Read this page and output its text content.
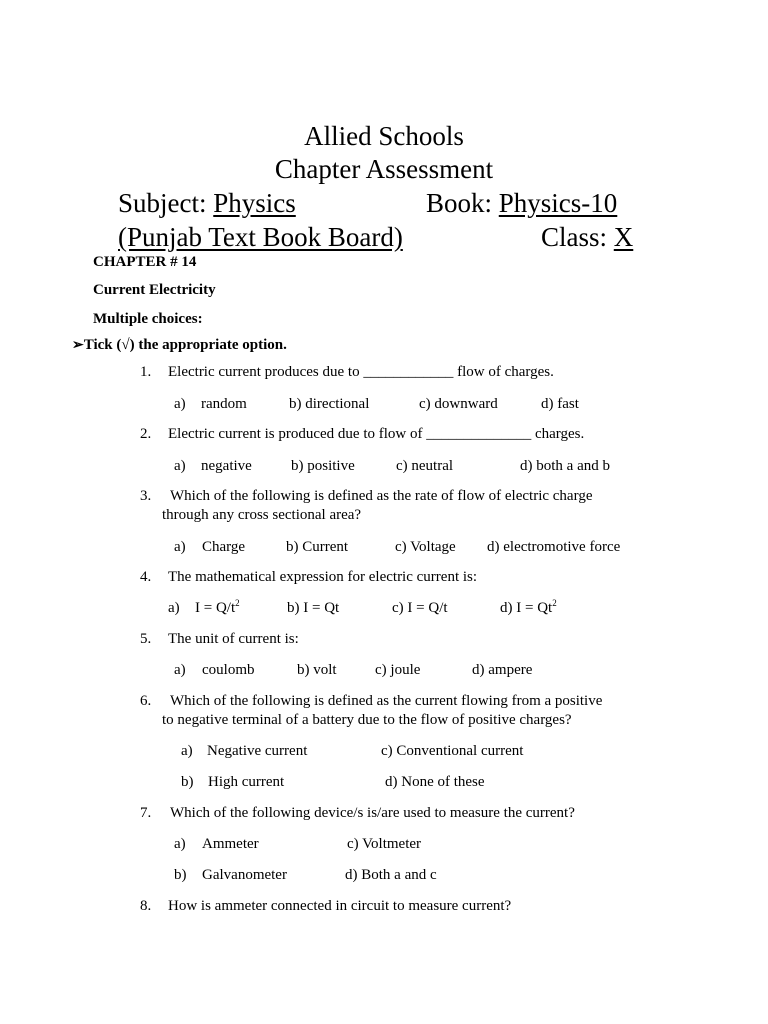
Allied Schools
Chapter Assessment
Subject: Physics	Book: Physics-10
(Punjab Text Book Board)	Class: X
CHAPTER # 14
Current Electricity
Multiple choices:
➢Tick (√) the appropriate option.
1. Electric current produces due to ____________ flow of charges.
a) random	b) directional	c) downward	d) fast
2. Electric current is produced due to flow of ______________ charges.
a) negative	b) positive	c) neutral	d) both a and b
3. Which of the following is defined as the rate of flow of electric charge
through any cross sectional area?
a) Charge	b) Current	c) Voltage d) electromotive force
4. The mathematical expression for electric current is:
a) $I = Q/t^2$	b) I = Qt	c) I = Q/t	d) $I = Qt^2$
5. The unit of current is:
a) coulomb	b) volt	c) joule	d) ampere
6. Which of the following is defined as the current flowing from a positive
to negative terminal of a battery due to the flow of positive charges?
a) Negative current	c) Conventional current
b) High current	d) None of these
7. Which of the following device/s is/are used to measure the current?
a) Ammeter	c) Voltmeter
b) Galvanometer	d) Both a and c
8. How is ammeter connected in circuit to measure current?
